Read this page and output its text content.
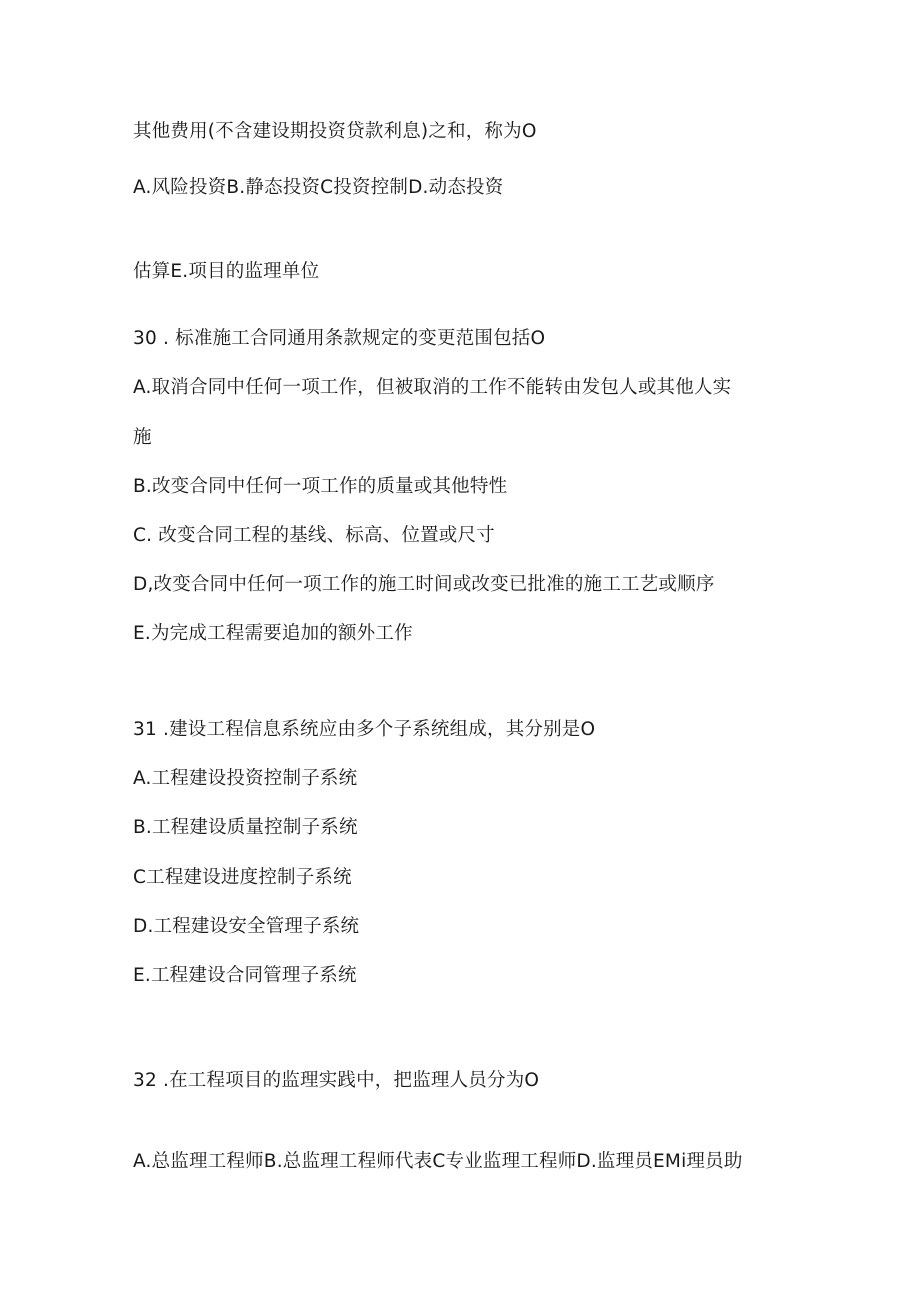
其他费用(不含建设期投资贷款利息)之和，称为O
A.风险投资B.静态投资C投资控制D.动态投资
估算E.项目的监理单位
30 . 标准施工合同通用条款规定的变更范围包括O
A.取消合同中任何一项工作，但被取消的工作不能转由发包人或其他人实
施
B.改变合同中任何一项工作的质量或其他特性
C. 改变合同工程的基线、标高、位置或尺寸
D,改变合同中任何一项工作的施工时间或改变已批准的施工工艺或顺序
E.为完成工程需要追加的额外工作
31 .建设工程信息系统应由多个子系统组成，其分别是O
A.工程建设投资控制子系统
B.工程建设质量控制子系统
C工程建设进度控制子系统
D.工程建设安全管理子系统
E.工程建设合同管理子系统
32 .在工程项目的监理实践中，把监理人员分为O
A.总监理工程师B.总监理工程师代表C专业监理工程师D.监理员EMi理员助
